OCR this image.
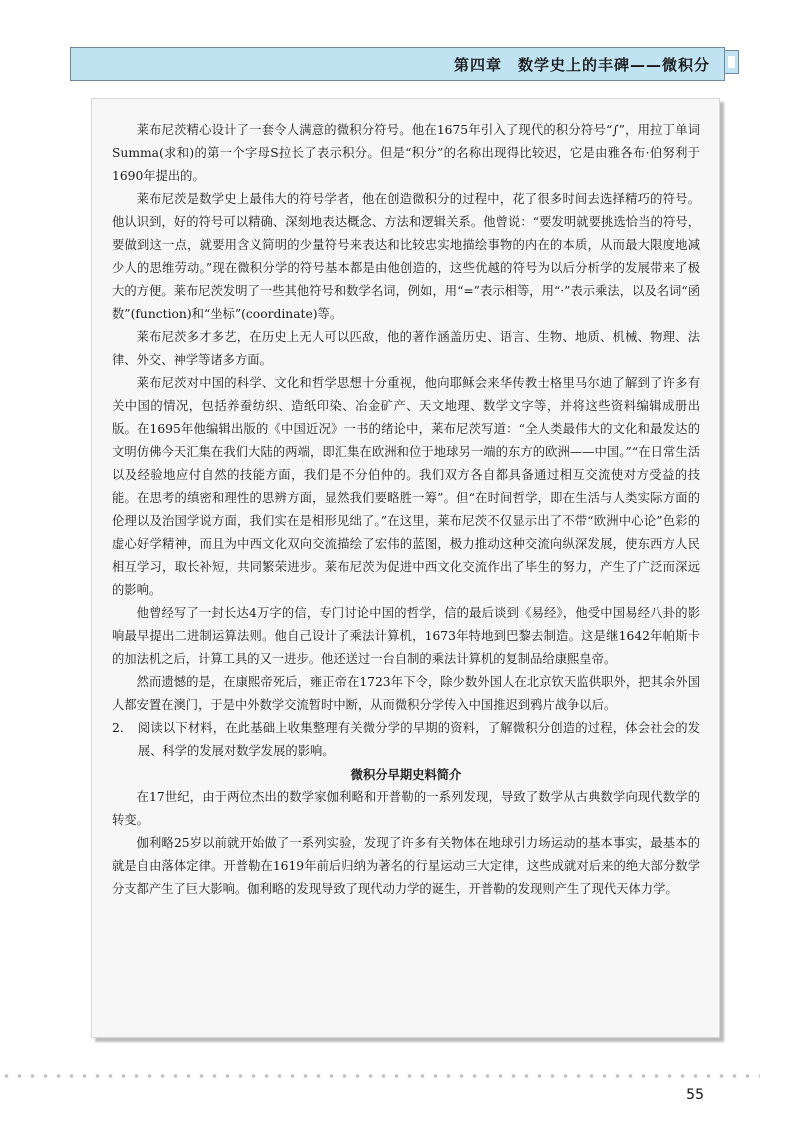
第四章　数学史上的丰碑——微积分

莱布尼茨精心设计了一套令人满意的微积分符号。他在1675年引入了现代的积分符号“∫”，用拉丁单词Summa(求和)的第一个字母S拉长了表示积分。但是“积分”的名称出现得比较迟，它是由雅各布·伯努利于1690年提出的。

莱布尼茨是数学史上最伟大的符号学者，他在创造微积分的过程中，花了很多时间去选择精巧的符号。他认识到，好的符号可以精确、深刻地表达概念、方法和逻辑关系。他曾说：“要发明就要挑选恰当的符号，要做到这一点，就要用含义简明的少量符号来表达和比较忠实地描绘事物的内在的本质，从而最大限度地减少人的思维劳动。”现在微积分学的符号基本都是由他创造的，这些优越的符号为以后分析学的发展带来了极大的方便。莱布尼茨发明了一些其他符号和数学名词，例如，用“=”表示相等，用“·”表示乘法，以及名词“函数”(function)和“坐标”(coordinate)等。

莱布尼茨多才多艺，在历史上无人可以匹敌，他的著作涵盖历史、语言、生物、地质、机械、物理、法律、外交、神学等诸多方面。

莱布尼茨对中国的科学、文化和哲学思想十分重视，他向耶稣会来华传教士格里马尔迪了解到了许多有关中国的情况，包括养蚕纺织、造纸印染、冶金矿产、天文地理、数学文字等，并将这些资料编辑成册出版。在1695年他编辑出版的《中国近况》一书的绪论中，莱布尼茨写道：“全人类最伟大的文化和最发达的文明仿佛今天汇集在我们大陆的两端，即汇集在欧洲和位于地球另一端的东方的欧洲——中国。”“在日常生活以及经验地应付自然的技能方面，我们是不分伯仲的。我们双方各自都具备通过相互交流使对方受益的技能。在思考的缜密和理性的思辨方面，显然我们要略胜一筹”。但“在时间哲学，即在生活与人类实际方面的伦理以及治国学说方面，我们实在是相形见绌了。”在这里，莱布尼茨不仅显示出了不带“欧洲中心论”色彩的虚心好学精神，而且为中西文化双向交流描绘了宏伟的蓝图，极力推动这种交流向纵深发展，使东西方人民相互学习，取长补短，共同繁荣进步。莱布尼茨为促进中西文化交流作出了毕生的努力，产生了广泛而深远的影响。

他曾经写了一封长达4万字的信，专门讨论中国的哲学，信的最后谈到《易经》，他受中国易经八卦的影响最早提出二进制运算法则。他自己设计了乘法计算机，1673年特地到巴黎去制造。这是继1642年帕斯卡的加法机之后，计算工具的又一进步。他还送过一台自制的乘法计算机的复制品给康熙皇帝。

然而遗憾的是，在康熙帝死后，雍正帝在1723年下令，除少数外国人在北京钦天监供职外，把其余外国人都安置在澳门，于是中外数学交流暂时中断，从而微积分学传入中国推迟到鸦片战争以后。

2. 阅读以下材料，在此基础上收集整理有关微分学的早期的资料，了解微积分创造的过程，体会社会的发展、科学的发展对数学发展的影响。

微积分早期史料简介

在17世纪，由于两位杰出的数学家伽利略和开普勒的一系列发现，导致了数学从古典数学向现代数学的转变。

伽利略25岁以前就开始做了一系列实验，发现了许多有关物体在地球引力场运动的基本事实，最基本的就是自由落体定律。开普勒在1619年前后归纳为著名的行星运动三大定律，这些成就对后来的绝大部分数学分支都产生了巨大影响。伽利略的发现导致了现代动力学的诞生，开普勒的发现则产生了现代天体力学。

55
